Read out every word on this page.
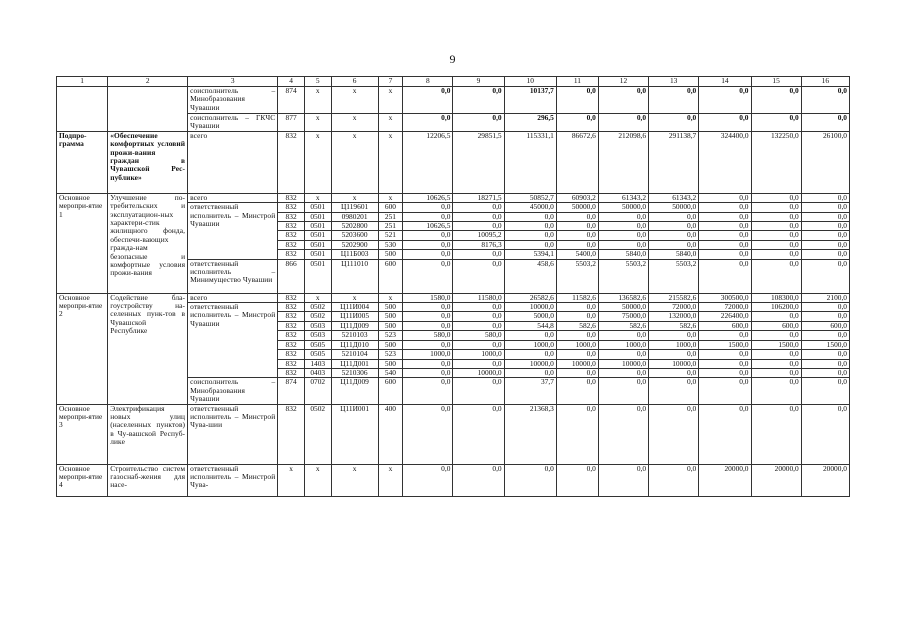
9
1	2	3	4	5	6	7	8	9	10	11	12	13	14	15	16
		соисполнитель – Минобразования Чувашии	874	x	x	x	0,0	0,0	10137,7	0,0	0,0	0,0	0,0	0,0	0,0
		соисполнитель – ГКЧС Чувашии	877	x	x	x	0,0	0,0	296,5	0,0	0,0	0,0	0,0	0,0	0,0
Подпро-грамма	«Обеспечение комфортных условий прожи-вания граждан в Чувашской Рес-публике»	всего	832	x	x	x	12206,5	29851,5	115331,1	86672,6	212098,6	291138,7	324400,0	132250,0	26100,0
Основное меропри-ятие 1	Улучшение по-требительских и эксплуатацион-ных характери-стик жилищного фонда, обеспечи-вающих гражда-нам безопасные и комфортные условия прожи-вания	всего	832	x	x	x	10626,5	18271,5	50852,7	60903,2	61343,2	61343,2	0,0	0,0	0,0
		ответственный исполнитель – Минстрой Чувашии	832	0501	Ц119601	600	0,0	0,0	45000,0	50000,0	50000,0	50000,0	0,0	0,0	0,0
			832	0501	0980201	251	0,0	0,0	0,0	0,0	0,0	0,0	0,0	0,0	0,0
			832	0501	5202800	251	10626,5	0,0	0,0	0,0	0,0	0,0	0,0	0,0	0,0
			832	0501	5203600	521	0,0	10095,2	0,0	0,0	0,0	0,0	0,0	0,0	0,0
			832	0501	5202900	530	0,0	8176,3	0,0	0,0	0,0	0,0	0,0	0,0	0,0
			832	0501	Ц11Б003	500	0,0	0,0	5394,1	5400,0	5840,0	5840,0	0,0	0,0	0,0
		ответственный исполнитель – Минимущество Чувашии	866	0501	Ц111010	600	0,0	0,0	458,6	5503,2	5503,2	5503,2	0,0	0,0	0,0
Основное меропри-ятие 2	Содействие бла-гоустройству на-селенных пунк-тов в Чувашской Республике	всего	832	x	x	x	1580,0	11580,0	26582,6	11582,6	136582,6	215582,6	300500,0	108300,0	2100,0
		ответственный исполнитель – Минстрой Чувашии	832	0502	Ц11И004	500	0,0	0,0	10000,0	0,0	50000,0	72000,0	72000,0	106200,0	0,0
			832	0502	Ц11И005	500	0,0	0,0	5000,0	0,0	75000,0	132000,0	226400,0	0,0	0,0
			832	0503	Ц11Д009	500	0,0	0,0	544,8	582,6	582,6	582,6	600,0	600,0	600,0
			832	0503	5210103	523	580,0	580,0	0,0	0,0	0,0	0,0	0,0	0,0	0,0
			832	0505	Ц11Д010	500	0,0	0,0	1000,0	1000,0	1000,0	1000,0	1500,0	1500,0	1500,0
			832	0505	5210104	523	1000,0	1000,0	0,0	0,0	0,0	0,0	0,0	0,0	0,0
			832	1403	Ц11Д001	500	0,0	0,0	10000,0	10000,0	10000,0	10000,0	0,0	0,0	0,0
			832	0403	5210306	540	0,0	10000,0	0,0	0,0	0,0	0,0	0,0	0,0	0,0
		соисполнитель – Минобразования Чувашии	874	0702	Ц11Д009	600	0,0	0,0	37,7	0,0	0,0	0,0	0,0	0,0	0,0
Основное меропри-ятие 3	Электрификация новых улиц (населенных пунктов) в Чу-вашской Респуб-лике	ответственный исполнитель – Минстрой Чува-шии	832	0502	Ц11И001	400	0,0	0,0	21368,3	0,0	0,0	0,0	0,0	0,0	0,0
Основное меропри-ятие 4	Строительство систем газоснаб-жения для насе-	ответственный исполнитель – Минстрой Чува-	x	x	x	x	0,0	0,0	0,0	0,0	0,0	0,0	20000,0	20000,0	20000,0
